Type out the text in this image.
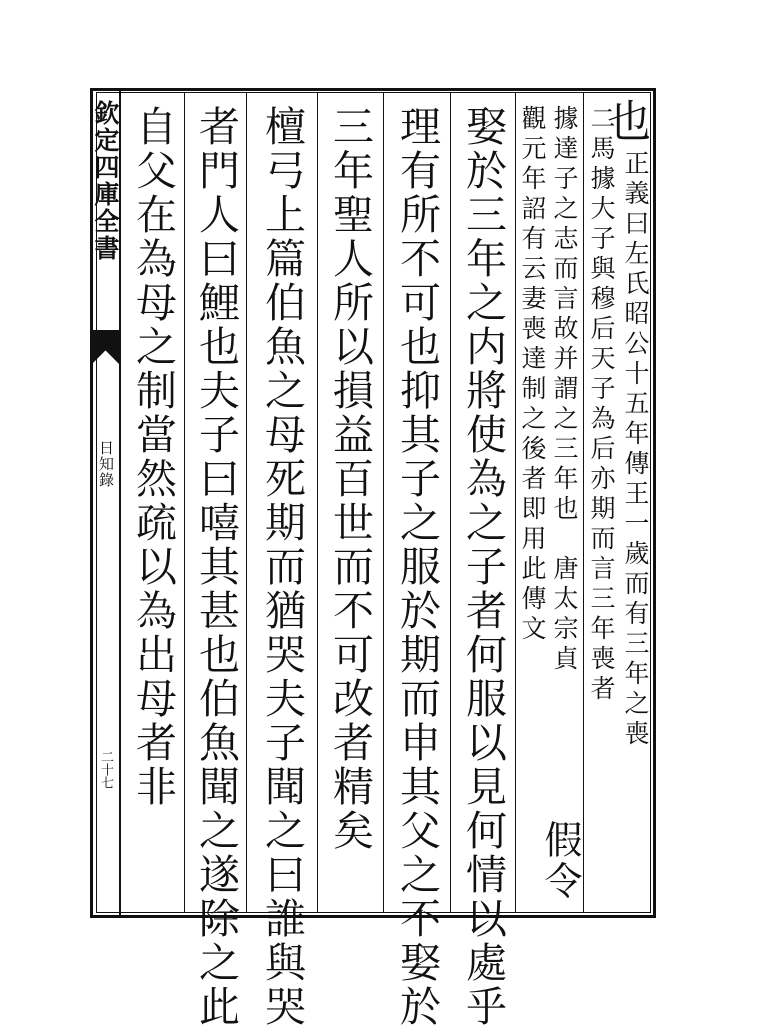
欽定四庫全書
日知錄
二十七 自父在為母之制當然疏以為出母者非 者門人曰鯉也夫子曰嘻其甚也伯魚聞之遂除之此 檀弓上篇伯魚之母死期而猶哭夫子聞之曰誰與哭 三年聖人所以損益百世而不可改者精矣 理有所不可也抑其子之服於期而申其父之不娶於 娶於三年之内將使為之子者何服以見何情以處乎 觀元年詔有云妻喪達制之後者即用此傳文 據達子之志而言故并謂之三年也　唐太宗貞
假令
二馬據大子與穆后天子為后亦期而言三年喪者
也
正義曰左氏昭公十五年傳王一歲而有三年之喪
